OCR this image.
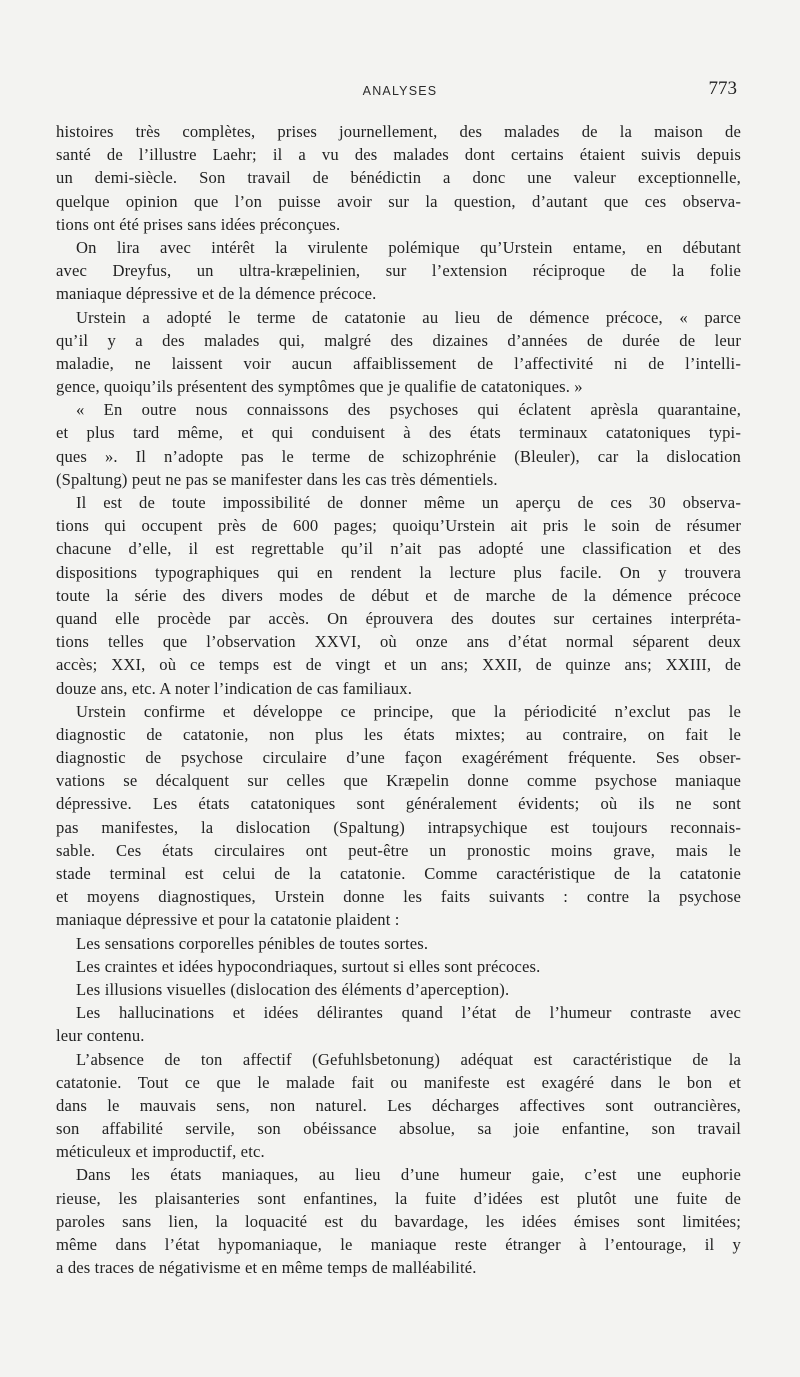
ANALYSES	773
histoires très complètes, prises journellement, des malades de la maison de
santé de l’illustre Laehr; il a vu des malades dont certains étaient suivis depuis
un demi-siècle. Son travail de bénédictin a donc une valeur exceptionnelle,
quelque opinion que l’on puisse avoir sur la question, d’autant que ces observa-
tions ont été prises sans idées préconçues.
On lira avec intérêt la virulente polémique qu’Urstein entame, en débutant
avec Dreyfus, un ultra-kræpelinien, sur l’extension réciproque de la folie
maniaque dépressive et de la démence précoce.
Urstein a adopté le terme de catatonie au lieu de démence précoce, « parce
qu’il y a des malades qui, malgré des dizaines d’années de durée de leur
maladie, ne laissent voir aucun affaiblissement de l’affectivité ni de l’intelli-
gence, quoiqu’ils présentent des symptômes que je qualifie de catatoniques. »
« En outre nous connaissons des psychoses qui éclatent aprèsla quarantaine,
et plus tard même, et qui conduisent à des états terminaux catatoniques typi-
ques ». Il n’adopte pas le terme de schizophrénie (Bleuler), car la dislocation
(Spaltung) peut ne pas se manifester dans les cas très démentiels.
Il est de toute impossibilité de donner même un aperçu de ces 30 observa-
tions qui occupent près de 600 pages; quoiqu’Urstein ait pris le soin de résumer
chacune d’elle, il est regrettable qu’il n’ait pas adopté une classification et des
dispositions typographiques qui en rendent la lecture plus facile. On y trouvera
toute la série des divers modes de début et de marche de la démence précoce
quand elle procède par accès. On éprouvera des doutes sur certaines interpréta-
tions telles que l’observation XXVI, où onze ans d’état normal séparent deux
accès; XXI, où ce temps est de vingt et un ans; XXII, de quinze ans; XXIII, de
douze ans, etc. A noter l’indication de cas familiaux.
Urstein confirme et développe ce principe, que la périodicité n’exclut pas le
diagnostic de catatonie, non plus les états mixtes; au contraire, on fait le
diagnostic de psychose circulaire d’une façon exagérément fréquente. Ses obser-
vations se décalquent sur celles que Kræpelin donne comme psychose maniaque
dépressive. Les états catatoniques sont généralement évidents; où ils ne sont
pas manifestes, la dislocation (Spaltung) intrapsychique est toujours reconnais-
sable. Ces états circulaires ont peut-être un pronostic moins grave, mais le
stade terminal est celui de la catatonie. Comme caractéristique de la catatonie
et moyens diagnostiques, Urstein donne les faits suivants : contre la psychose
maniaque dépressive et pour la catatonie plaident :
Les sensations corporelles pénibles de toutes sortes.
Les craintes et idées hypocondriaques, surtout si elles sont précoces.
Les illusions visuelles (dislocation des éléments d’aperception).
Les hallucinations et idées délirantes quand l’état de l’humeur contraste avec
leur contenu.
L’absence de ton affectif (Gefuhlsbetonung) adéquat est caractéristique de la
catatonie. Tout ce que le malade fait ou manifeste est exagéré dans le bon et
dans le mauvais sens, non naturel. Les décharges affectives sont outrancières,
son affabilité servile, son obéissance absolue, sa joie enfantine, son travail
méticuleux et improductif, etc.
Dans les états maniaques, au lieu d’une humeur gaie, c’est une euphorie
rieuse, les plaisanteries sont enfantines, la fuite d’idées est plutôt une fuite de
paroles sans lien, la loquacité est du bavardage, les idées émises sont limitées;
même dans l’état hypomaniaque, le maniaque reste étranger à l’entourage, il y
a des traces de négativisme et en même temps de malléabilité.
